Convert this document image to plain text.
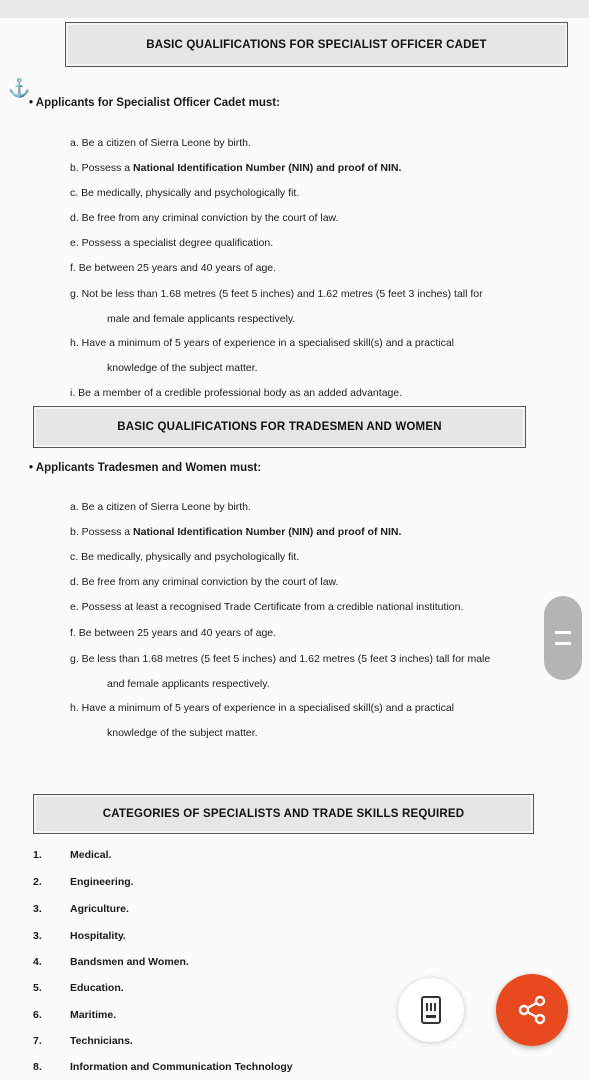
BASIC QUALIFICATIONS FOR SPECIALIST OFFICER CADET
⚓
• Applicants for Specialist Officer Cadet must:
a. Be a citizen of Sierra Leone by birth.
b. Possess a National Identification Number (NIN) and proof of NIN.
c. Be medically, physically and psychologically fit.
d. Be free from any criminal conviction by the court of law.
e. Possess a specialist degree qualification.
f. Be between 25 years and 40 years of age.
g. Not be less than 1.68 metres (5 feet 5 inches) and 1.62 metres (5 feet 3 inches) tall for
male and female applicants respectively.
h. Have a minimum of 5 years of experience in a specialised skill(s) and a practical
knowledge of the subject matter.
i. Be a member of a credible professional body as an added advantage.
BASIC QUALIFICATIONS FOR TRADESMEN AND WOMEN
• Applicants Tradesmen and Women must:
a. Be a citizen of Sierra Leone by birth.
b. Possess a National Identification Number (NIN) and proof of NIN.
c. Be medically, physically and psychologically fit.
d. Be free from any criminal conviction by the court of law.
e. Possess at least a recognised Trade Certificate from a credible national institution.
f. Be between 25 years and 40 years of age.
g. Be less than 1.68 metres (5 feet 5 inches) and 1.62 metres (5 feet 3 inches) tall for male
and female applicants respectively.
h. Have a minimum of 5 years of experience in a specialised skill(s) and a practical
knowledge of the subject matter.
CATEGORIES OF SPECIALISTS AND TRADE SKILLS REQUIRED
1.	Medical.
2.	Engineering.
3.	Agriculture.
3.	Hospitality.
4.	Bandsmen and Women.
5.	Education.
6.	Maritime.
7.	Technicians.
8.	Information and Communication Technology
